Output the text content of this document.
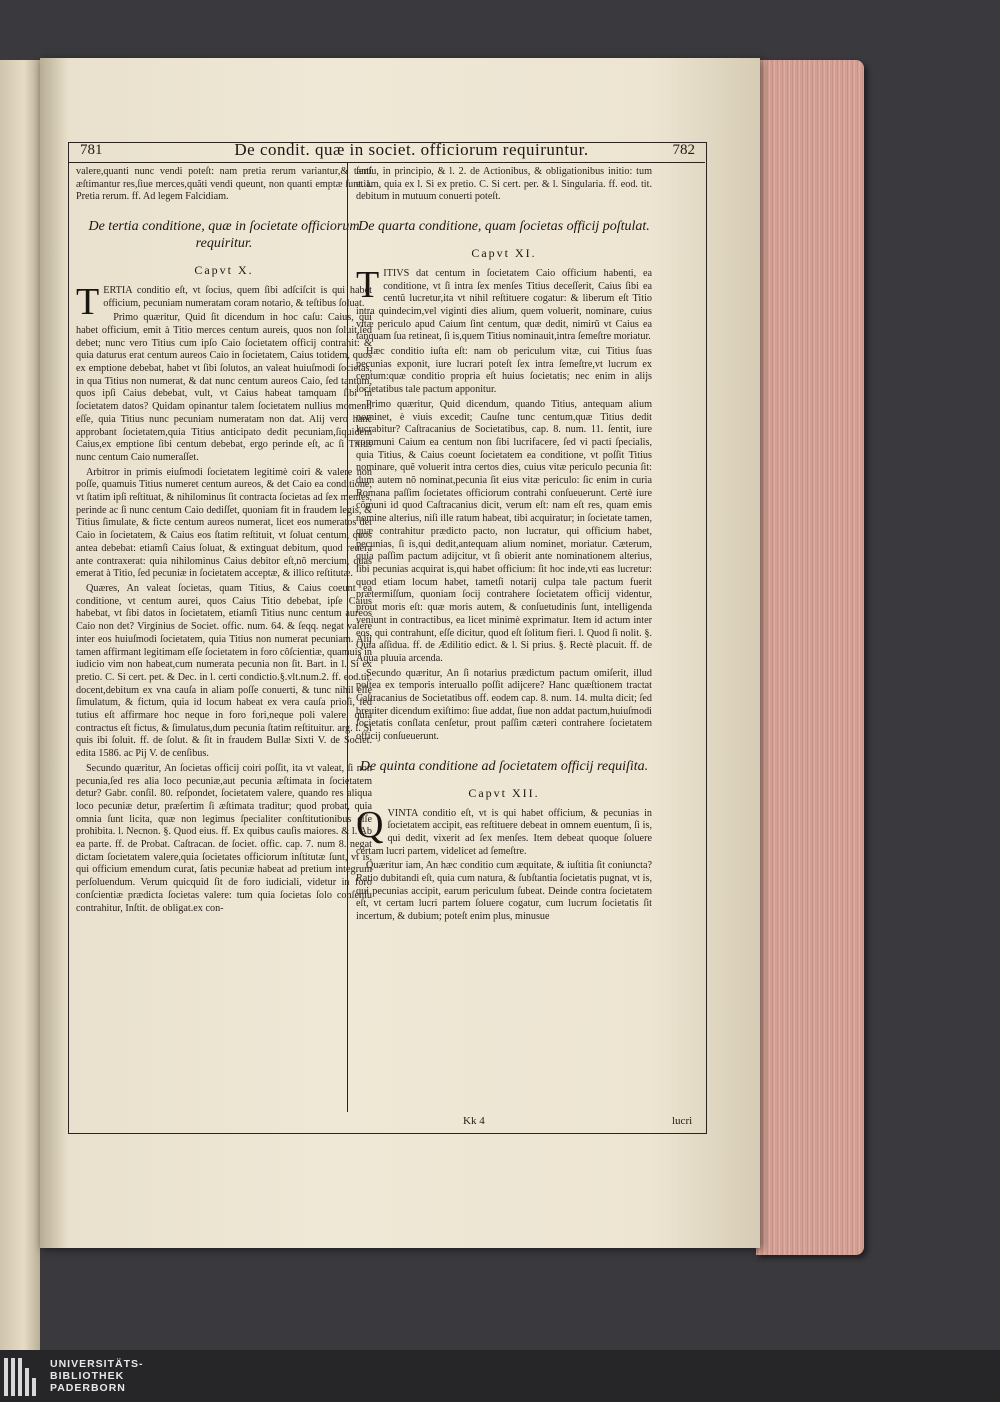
781	De condit. quæ in societ. officiorum requiruntur.	782

valere,quanti nunc vendi poteſt: nam pretia rerum variantur,& tanti æſtimantur res,ſiue merces,quãti vendi queunt, non quanti emptæ ſunt. l. Pretia rerum. ff. Ad legem Falcidiam.

De tertia conditione, quæ in ſocietate officiorum requiritur.
Capvt X.

TERTIA conditio eſt, vt ſocius, quem ſibi adſciſcit is qui habet officium, pecuniam numeratam coram notario, & teſtibus ſoluat.

Primo quæritur, Quid ſit dicendum in hoc caſu: Caius, qui habet officium, emit à Titio merces centum aureis, quos non ſoluit,ſed debet; nunc vero Titius cum ipſo Caio ſocietatem officij contrahit: & quia daturus erat centum aureos Caio in ſocietatem, Caius totidem, quos ex emptione debebat, habet vt ſibi ſolutos, an valeat huiuſmodi ſocietas, in qua Titius non numerat, & dat nunc centum aureos Caio, ſed tantum, quos ipſi Caius debebat, vult, vt Caius habeat tamquam ſibi in ſocietatem datos? Quidam opinantur talem ſocietatem nullius momenti eſſe, quia Titius nunc pecuniam numeratam non dat. Alij vero hanc approbant ſocietatem,quia Titius anticipato dedit pecuniam,ſiquidem Caius,ex emptione ſibi centum debebat, ergo perinde eſt, ac ſi Titius nunc centum Caio numeraſſet.

Arbitror in primis eiuſmodi ſocietatem legitimè coiri & valere non poſſe, quamuis Titius numeret centum aureos, & det Caio ea conditione, vt ſtatim ipſi reſtituat, & nihilominus ſit contracta ſocietas ad ſex menſes, perinde ac ſi nunc centum Caio dediſſet, quoniam fit in fraudem legis, & Titius ſimulate, & ficte centum aureos numerat, licet eos numeratos det Caio in ſocietatem, & Caius eos ſtatim reſtituit, vt ſoluat centum, quos antea debebat: etiamſi Caius ſoluat, & extinguat debitum, quod reuera ante contraxerat: quia nihilominus Caius debitor eſt,nõ mercium, quas emerat à Titio, ſed pecuniæ in ſocietatem acceptæ, & illico reſtitutæ.

Quæres, An valeat ſocietas, quam Titius, & Caius coeunt ea conditione, vt centum aurei, quos Caius Titio debebat, ipſe Caius habebat, vt ſibi datos in ſocietatem, etiamſi Titius nunc centum aureos Caio non det? Virginius de Societ. offic. num. 64. & ſeqq. negat valere inter eos huiuſmodi ſocietatem, quia Titius non numerat pecuniam. Alij tamen affirmant legitimam eſſe ſocietatem in foro côſcientiæ, quamuis in iudicio vim non habeat,cum numerata pecunia non ſit. Bart. in l. Si ex pretio. C. Si cert. pet. & Dec. in l. certi condictio.§.vlt.num.2. ff. eod.tit. docent,debitum ex vna cauſa in aliam poſſe conuerti, & tunc nihil eſſe ſimulatum, & fictum, quia id locum habeat ex vera cauſa prioſi, ſed tutius eſt affirmare hoc neque in foro fori,neque poli valere, quia contractus eſt fictus, & ſimulatus,dum pecunia ſtatim reſtituitur. arg. l. Si quis ibi ſoluit. ff. de ſolut. & ſit in fraudem Bullæ Sixti V. de Societ. edita 1586. ac Pij V. de cenſibus.

Secundo quæritur, An ſocietas officij coiri poſſit, ita vt valeat, ſi non pecunia,ſed res alia loco pecuniæ,aut pecunia æſtimata in ſocietatem detur? Gabr. conſil. 80. reſpondet, ſocietatem valere, quando res aliqua loco pecuniæ detur, præſertim ſi æſtimata traditur; quod probat, quia omnia ſunt licita, quæ non legimus ſpecialiter conſtitutionibus eſſe prohibita. l. Necnon. §. Quod eius. ff. Ex quibus cauſis maiores. & l. Ab ea parte. ff. de Probat. Caſtracan. de ſociet. offic. cap. 7. num 8. negat dictam ſocietatem valere,quia ſocietates officiorum inſtitutæ ſunt, vt is, qui officium emendum curat, ſatis pecuniæ habeat ad pretium integrum perſoluendum. Verum quicquid ſit de foro iudiciali, videtur in foro conſcientiæ prædicta ſocietas valere: tum quia ſocietas ſolo conſenſu contrahitur, Inſtit. de obligat.ex con-

ſenſu, in principio, & l. 2. de Actionibus, & obligationibus initio: tum etiam, quia ex l. Si ex pretio. C. Si cert. per. & l. Singularia. ff. eod. tit. debitum in mutuum conuerti poteſt.

De quarta conditione, quam ſocietas officij poſtulat.
Capvt XI.

TITIVS dat centum in ſocietatem Caio officium habenti, ea conditione, vt ſi intra ſex menſes Titius deceſſerit, Caius ſibi ea centũ lucretur,ita vt nihil reſtituere cogatur: & liberum eſt Titio intra quindecim,vel viginti dies alium, quem voluerit, nominare, cuius vitæ periculo apud Caium ſint centum, quæ dedit, nimirũ vt Caius ea tanquam ſua retineat, ſi is,quem Titius nominauit,intra ſemeſtre moriatur.

Hæc conditio iuſta eſt: nam ob periculum vitæ, cui Titius ſuas pecunias exponit, iure lucrari poteſt ſex intra ſemeſtre,vt lucrum ex centum:quæ conditio propria eſt huius ſocietatis; nec enim in alijs ſocietatibus tale pactum apponitur.

Primo quæritur, Quid dicendum, quando Titius, antequam alium nominet, è viuis excedit; Cauſne tunc centum,quæ Titius dedit lucrabitur? Caſtracanius de Societatibus, cap. 8. num. 11. ſentit, iure communi Caium ea centum non ſibi lucrifacere, ſed vi pacti ſpecialis, quia Titius, & Caius coeunt ſocietatem ea conditione, vt poſſit Titius nominare, quẽ voluerit intra certos dies, cuius vitæ periculo pecunia ſit: dum autem nõ nominat,pecunia ſit eius vitæ periculo: ſic enim in curia Romana paſſim ſocietates officiorum contrahi conſueuerunt. Certè iure cõmuni id quod Caſtracanius dicit, verum eſt: nam eſt res, quam emis nomine alterius, niſi ille ratum habeat, tibi acquiratur; in ſocietate tamen, quæ contrahitur prædicto pacto, non lucratur, qui officium habet, pecunias, ſi is,qui dedit,antequam alium nominet, moriatur. Cæterum, quia paſſim pactum adijcitur, vt ſi obierit ante nominationem alterius, ſibi pecunias acquirat is,qui habet officium: ſit hoc inde,vti eas lucretur: quod etiam locum habet, tametſi notarij culpa tale pactum fuerit prætermiſſum, quoniam ſocij contrahere ſocietatem officij videntur, prout moris eſt: quæ moris autem, & conſuetudinis ſunt, intelligenda veniunt in contractibus, ea licet minimè exprimatur. Item id actum inter eos, qui contrahunt, eſſe dicitur, quod eſt ſolitum fieri. l. Quod ſi nolit. §. Quia aſſidua. ff. de Ædilitio edict. & l. Si prius. §. Rectè placuit. ff. de Aqua pluuia arcenda.

Secundo quæritur, An ſi notarius prædictum pactum omiſerit, illud poſtea ex temporis interuallo poſſit adijcere? Hanc quæſtionem tractat Caſtracanius de Societatibus off. eodem cap. 8. num. 14. multa dicit; ſed breuiter dicendum exiſtimo: ſiue addat, ſiue non addat pactum,huiuſmodi ſocietatis conſlata cenſetur, prout paſſim cæteri contrahere ſocietatem officij conſueuerunt.

De quinta conditione ad ſocietatem officij requiſita.
Capvt XII.

QVINTA conditio eſt, vt is qui habet officium, & pecunias in ſocietatem accipit, eas reſtituere debeat in omnem euentum, ſi is, qui dedit, vixerit ad ſex menſes. Item debeat quoque ſoluere certam lucri partem, videlicet ad ſemeſtre.

Quæritur iam, An hæc conditio cum æquitate, & iuſtitia ſit coniuncta? Ratio dubitandi eſt, quia cum natura, & ſubſtantia ſocietatis pugnat, vt is, qui pecunias accipit, earum periculum ſubeat. Deinde contra ſocietatem eſt, vt certam lucri partem ſoluere cogatur, cum lucrum ſocietatis ſit incertum, & dubium; poteſt enim plus, minusue

Kk 4	lucri
UNIVERSITÄTS-
BIBLIOTHEK
PADERBORN
